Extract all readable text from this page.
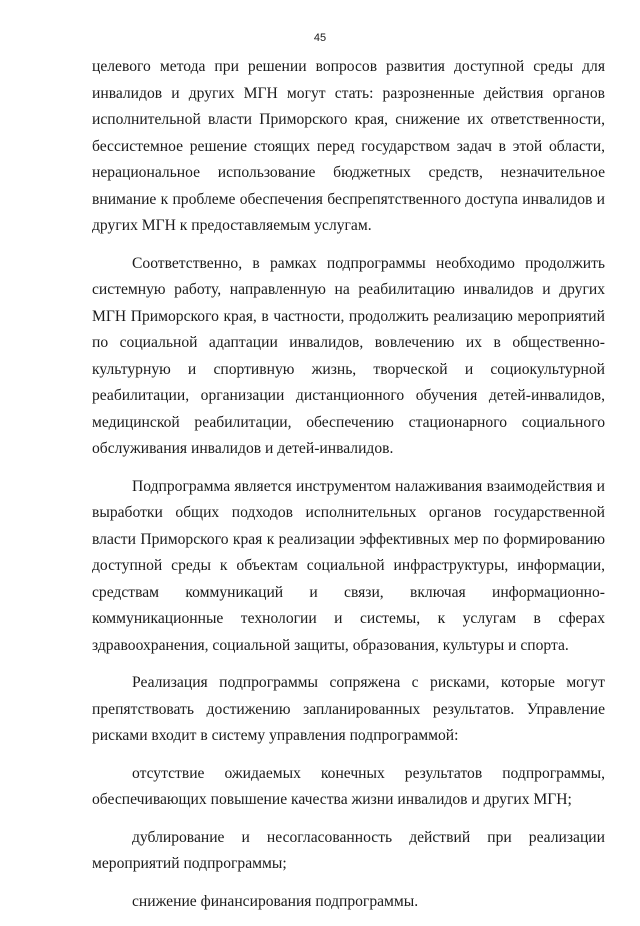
45

целевого метода при решении вопросов развития доступной среды для инвалидов и других МГН могут стать: разрозненные действия органов исполнительной власти Приморского края, снижение их ответственности, бессистемное решение стоящих перед государством задач в этой области, нерациональное использование бюджетных средств, незначительное внимание к проблеме обеспечения беспрепятственного доступа инвалидов и других МГН к предоставляемым услугам.

Соответственно, в рамках подпрограммы необходимо продолжить системную работу, направленную на реабилитацию инвалидов и других МГН Приморского края, в частности, продолжить реализацию мероприятий по социальной адаптации инвалидов, вовлечению их в общественно-культурную и спортивную жизнь, творческой и социокультурной реабилитации, организации дистанционного обучения детей-инвалидов, медицинской реабилитации, обеспечению стационарного социального обслуживания инвалидов и детей-инвалидов.

Подпрограмма является инструментом налаживания взаимодействия и выработки общих подходов исполнительных органов государственной власти Приморского края к реализации эффективных мер по формированию доступной среды к объектам социальной инфраструктуры, информации, средствам коммуникаций и связи, включая информационно-коммуникационные технологии и системы, к услугам в сферах здравоохранения, социальной защиты, образования, культуры и спорта.

Реализация подпрограммы сопряжена с рисками, которые могут препятствовать достижению запланированных результатов. Управление рисками входит в систему управления подпрограммой:

отсутствие ожидаемых конечных результатов подпрограммы, обеспечивающих повышение качества жизни инвалидов и других МГН;

дублирование и несогласованность действий при реализации мероприятий подпрограммы;

снижение финансирования подпрограммы.
